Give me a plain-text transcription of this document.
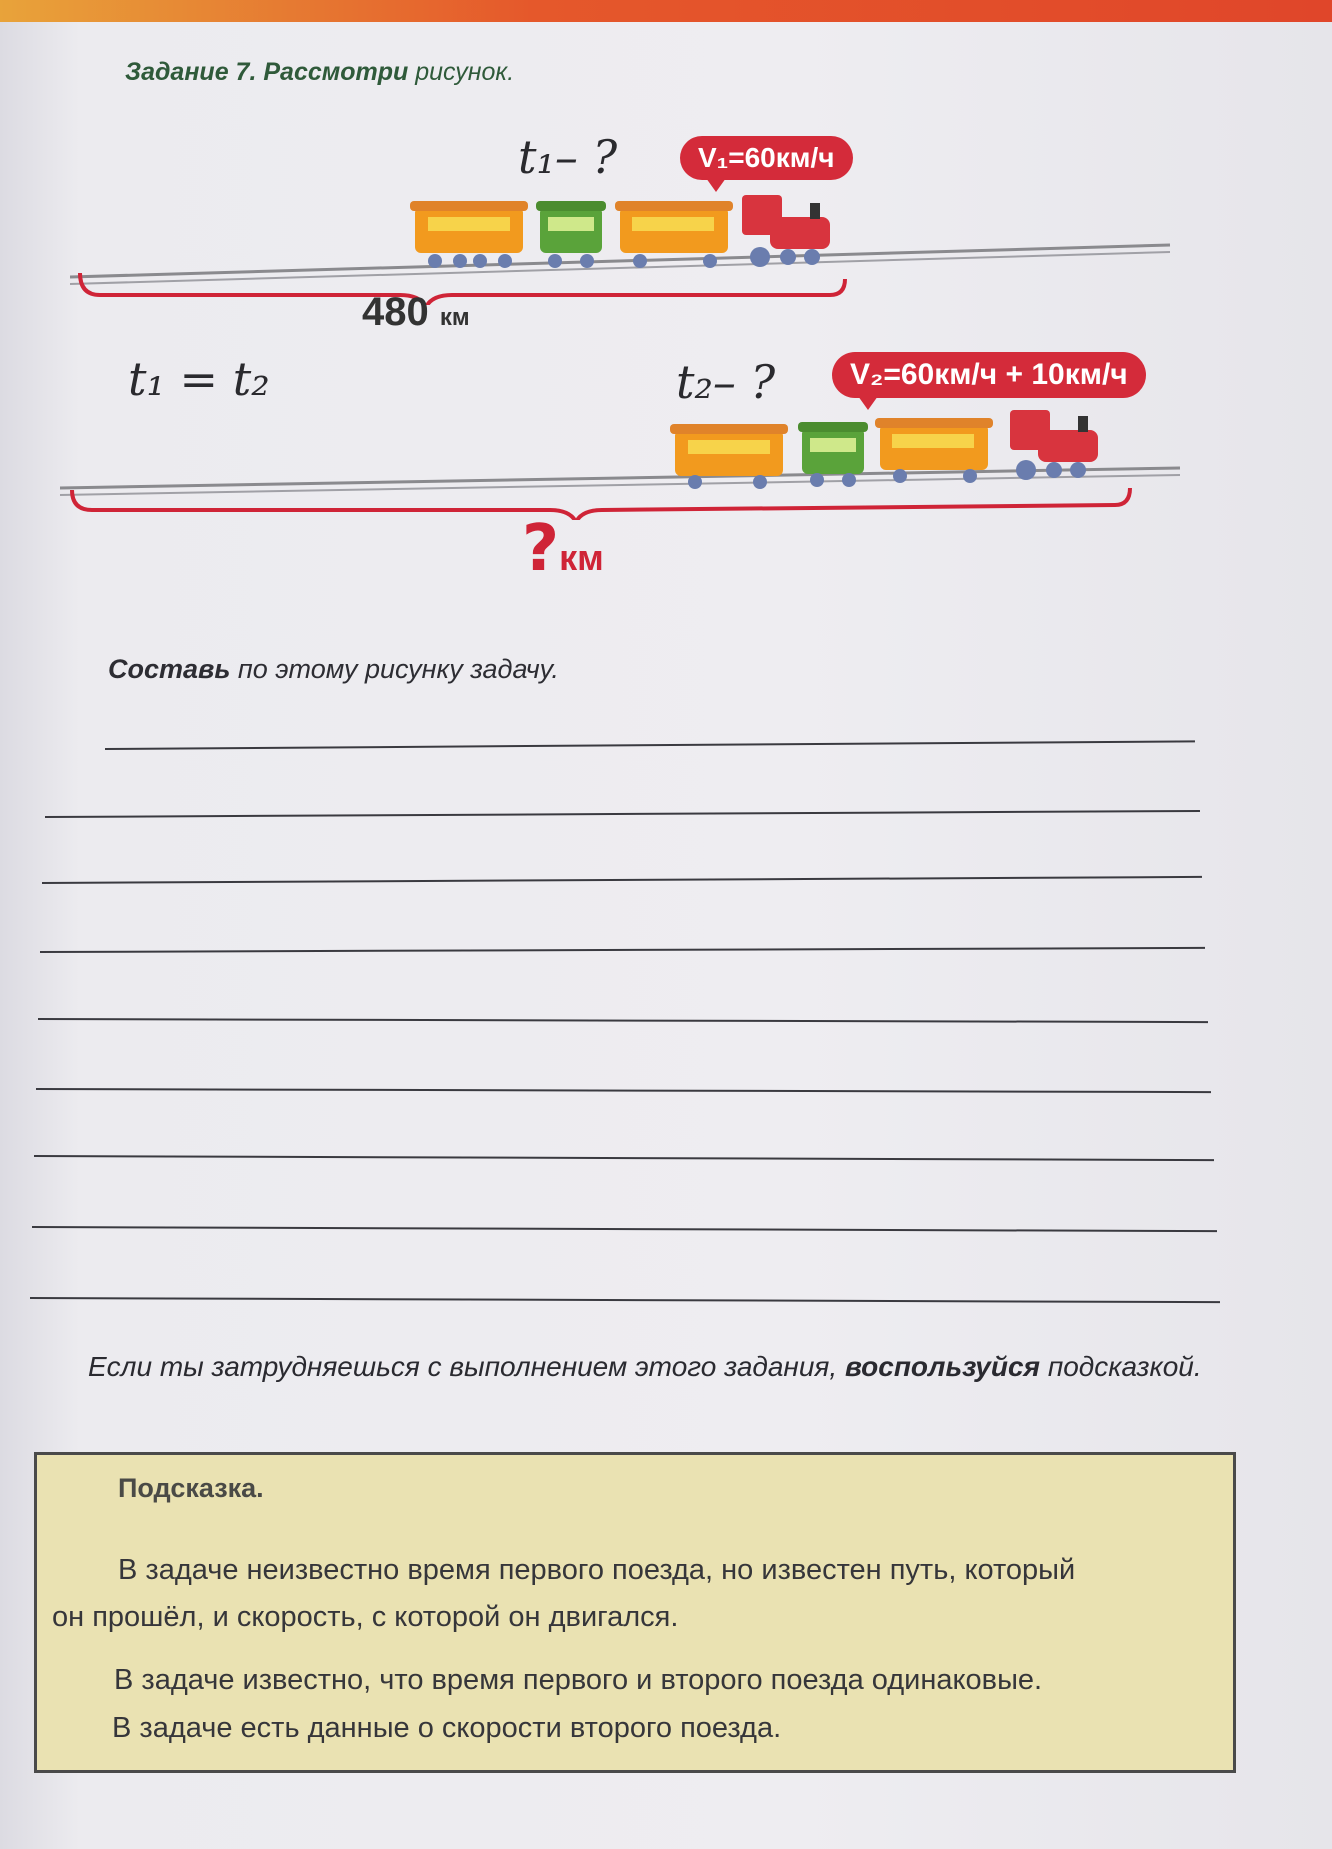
Задание 7. Рассмотри рисунок.
t₁– ?	V₁=60км/ч
480 км
t₁ = t₂	t₂– ?	V₂=60км/ч + 10км/ч
?км
Составь по этому рисунку задачу.
Если ты затрудняешься с выполнением этого задания, воспользуйся подсказкой.
Подсказка.
В задаче неизвестно время первого поезда, но известен путь, который
он прошёл, и скорость, с которой он двигался.
В задаче известно, что время первого и второго поезда одинаковые.
В задаче есть данные о скорости второго поезда.
